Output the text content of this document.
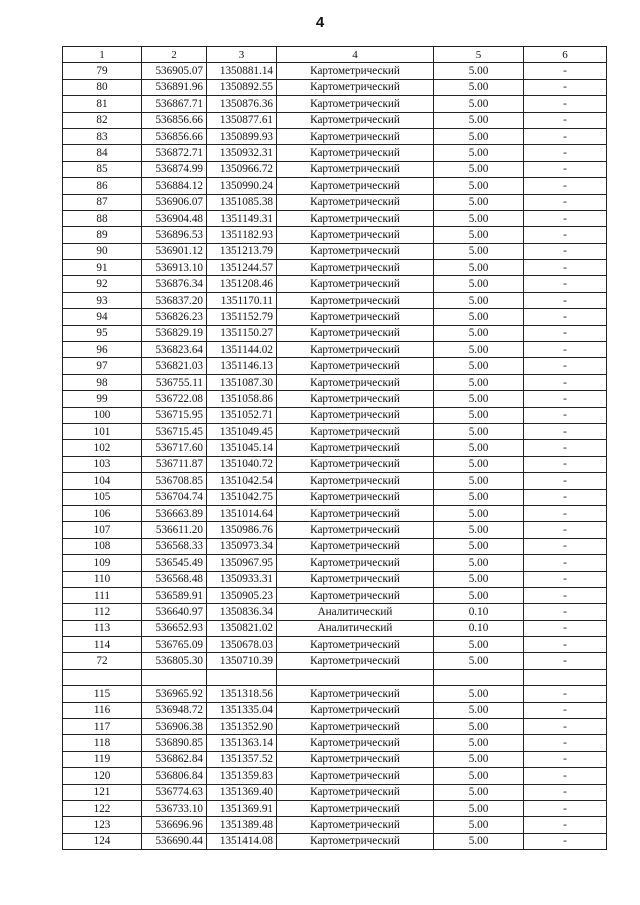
4
1	2	3	4	5	6
79	536905.07	1350881.14	Картометрический	5.00	-
80	536891.96	1350892.55	Картометрический	5.00	-
81	536867.71	1350876.36	Картометрический	5.00	-
82	536856.66	1350877.61	Картометрический	5.00	-
83	536856.66	1350899.93	Картометрический	5.00	-
84	536872.71	1350932.31	Картометрический	5.00	-
85	536874.99	1350966.72	Картометрический	5.00	-
86	536884.12	1350990.24	Картометрический	5.00	-
87	536906.07	1351085.38	Картометрический	5.00	-
88	536904.48	1351149.31	Картометрический	5.00	-
89	536896.53	1351182.93	Картометрический	5.00	-
90	536901.12	1351213.79	Картометрический	5.00	-
91	536913.10	1351244.57	Картометрический	5.00	-
92	536876.34	1351208.46	Картометрический	5.00	-
93	536837.20	1351170.11	Картометрический	5.00	-
94	536826.23	1351152.79	Картометрический	5.00	-
95	536829.19	1351150.27	Картометрический	5.00	-
96	536823.64	1351144.02	Картометрический	5.00	-
97	536821.03	1351146.13	Картометрический	5.00	-
98	536755.11	1351087.30	Картометрический	5.00	-
99	536722.08	1351058.86	Картометрический	5.00	-
100	536715.95	1351052.71	Картометрический	5.00	-
101	536715.45	1351049.45	Картометрический	5.00	-
102	536717.60	1351045.14	Картометрический	5.00	-
103	536711.87	1351040.72	Картометрический	5.00	-
104	536708.85	1351042.54	Картометрический	5.00	-
105	536704.74	1351042.75	Картометрический	5.00	-
106	536663.89	1351014.64	Картометрический	5.00	-
107	536611.20	1350986.76	Картометрический	5.00	-
108	536568.33	1350973.34	Картометрический	5.00	-
109	536545.49	1350967.95	Картометрический	5.00	-
110	536568.48	1350933.31	Картометрический	5.00	-
111	536589.91	1350905.23	Картометрический	5.00	-
112	536640.97	1350836.34	Аналитический	0.10	-
113	536652.93	1350821.02	Аналитический	0.10	-
114	536765.09	1350678.03	Картометрический	5.00	-
72	536805.30	1350710.39	Картометрический	5.00	-

115	536965.92	1351318.56	Картометрический	5.00	-
116	536948.72	1351335.04	Картометрический	5.00	-
117	536906.38	1351352.90	Картометрический	5.00	-
118	536890.85	1351363.14	Картометрический	5.00	-
119	536862.84	1351357.52	Картометрический	5.00	-
120	536806.84	1351359.83	Картометрический	5.00	-
121	536774.63	1351369.40	Картометрический	5.00	-
122	536733.10	1351369.91	Картометрический	5.00	-
123	536696.96	1351389.48	Картометрический	5.00	-
124	536690.44	1351414.08	Картометрический	5.00	-
